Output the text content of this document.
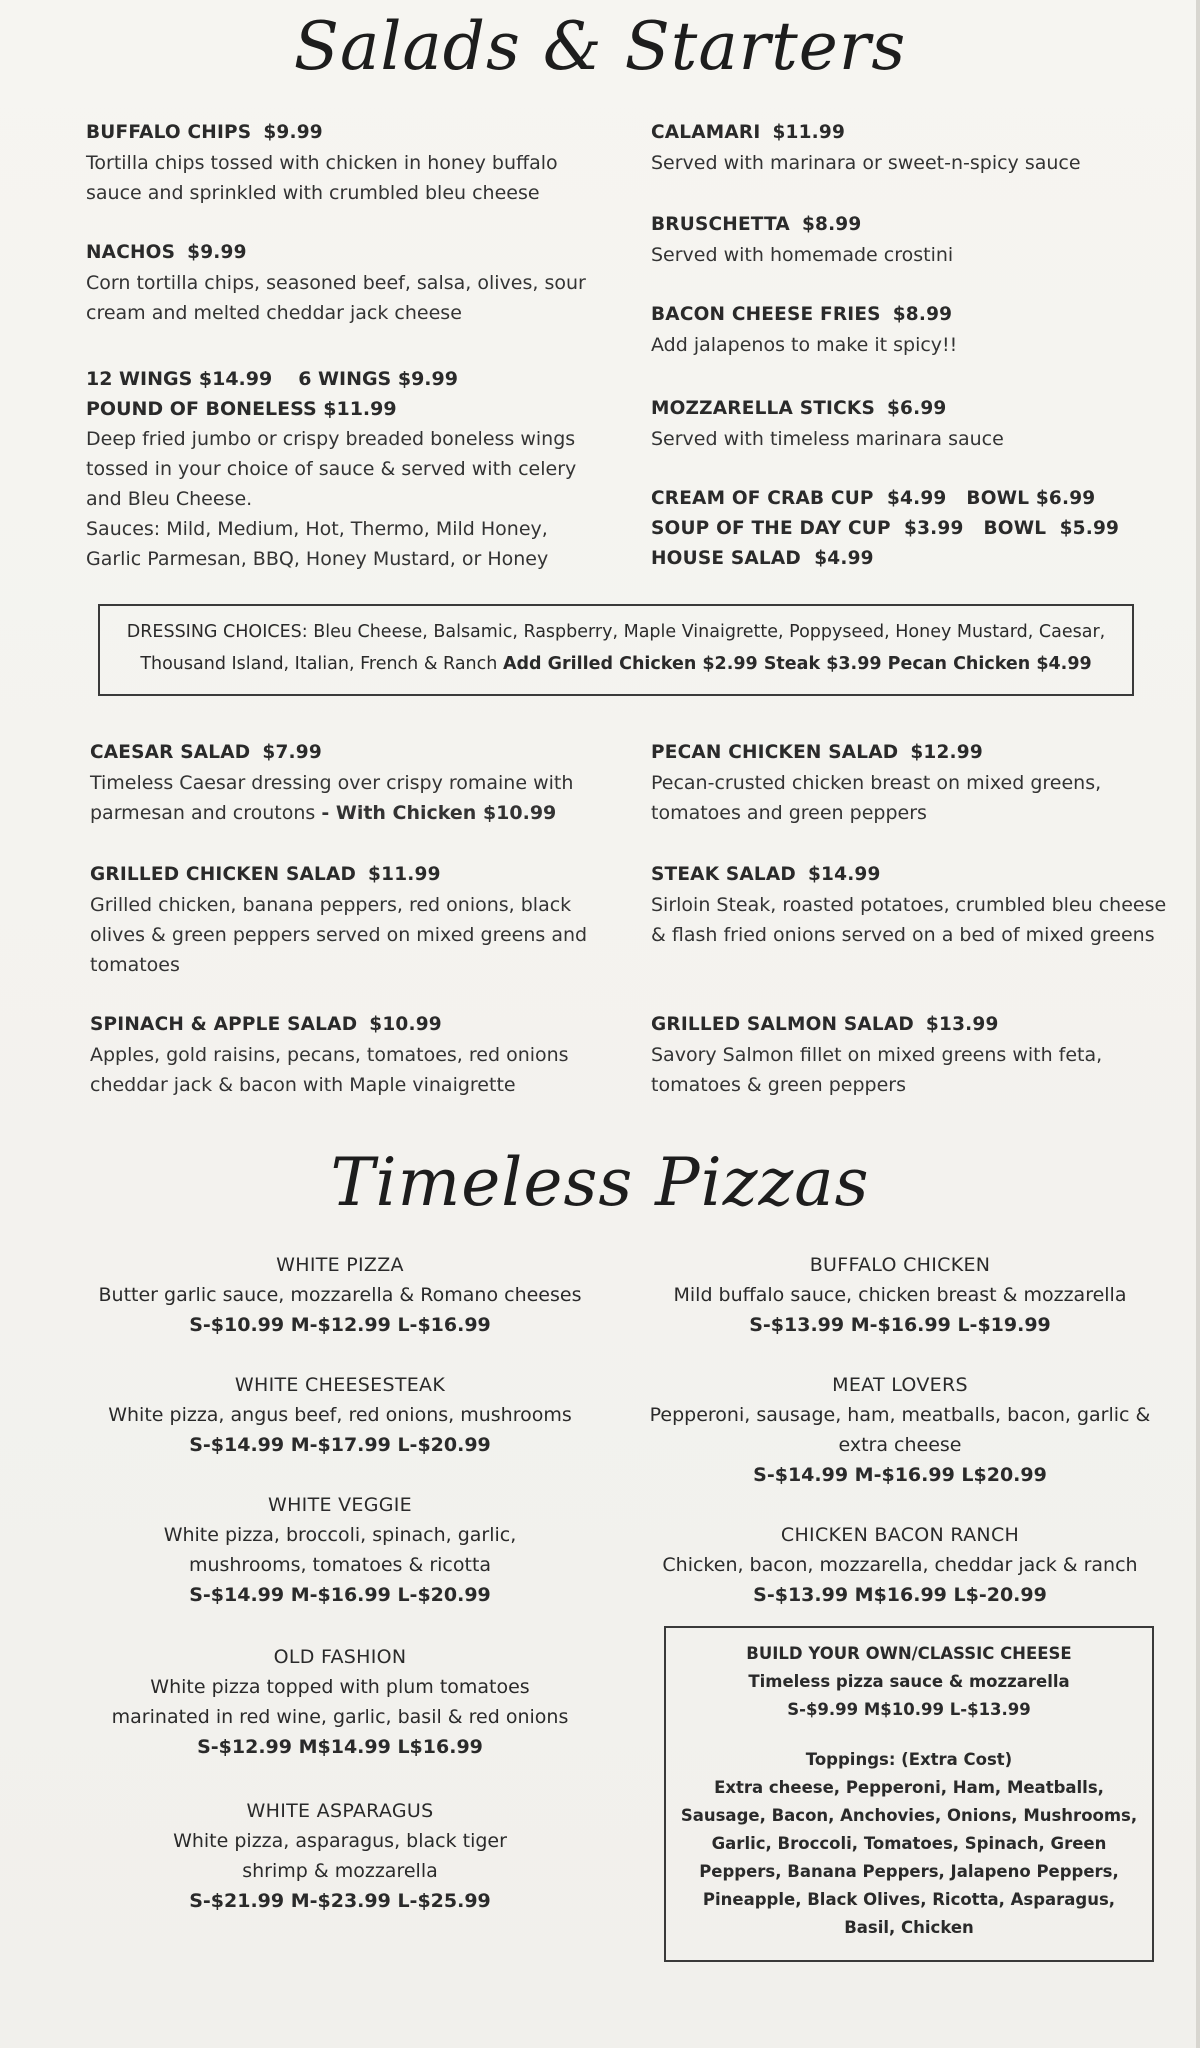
Salads & Starters
BUFFALO CHIPS $9.99
Tortilla chips tossed with chicken in honey buffalo sauce and sprinkled with crumbled bleu cheese
NACHOS $9.99
Corn tortilla chips, seasoned beef, salsa, olives, sour cream and melted cheddar jack cheese
12 WINGS $14.99 6 WINGS $9.99
POUND OF BONELESS $11.99
Deep fried jumbo or crispy breaded boneless wings tossed in your choice of sauce & served with celery and Bleu Cheese.
Sauces: Mild, Medium, Hot, Thermo, Mild Honey, Garlic Parmesan, BBQ, Honey Mustard, or Honey
CALAMARI $11.99
Served with marinara or sweet-n-spicy sauce
BRUSCHETTA $8.99
Served with homemade crostini
BACON CHEESE FRIES $8.99
Add jalapenos to make it spicy!!
MOZZARELLA STICKS $6.99
Served with timeless marinara sauce
CREAM OF CRAB CUP  $4.99   BOWL $6.99
SOUP OF THE DAY CUP  $3.99   BOWL  $5.99
HOUSE SALAD  $4.99
DRESSING CHOICES: Bleu Cheese, Balsamic, Raspberry, Maple Vinaigrette, Poppyseed, Honey Mustard, Caesar,
Thousand Island, Italian, French & Ranch Add Grilled Chicken $2.99 Steak $3.99 Pecan Chicken $4.99
CAESAR SALAD $7.99
Timeless Caesar dressing over crispy romaine with parmesan and croutons - With Chicken $10.99
GRILLED CHICKEN SALAD $11.99
Grilled chicken, banana peppers, red onions, black olives & green peppers served on mixed greens and tomatoes
SPINACH & APPLE SALAD $10.99
Apples, gold raisins, pecans, tomatoes, red onions cheddar jack & bacon with Maple vinaigrette
PECAN CHICKEN SALAD $12.99
Pecan-crusted chicken breast on mixed greens, tomatoes and green peppers
STEAK SALAD $14.99
Sirloin Steak, roasted potatoes, crumbled bleu cheese & flash fried onions served on a bed of mixed greens
GRILLED SALMON SALAD $13.99
Savory Salmon fillet on mixed greens with feta, tomatoes & green peppers
Timeless Pizzas
WHITE PIZZA
Butter garlic sauce, mozzarella & Romano cheeses
S-$10.99 M-$12.99 L-$16.99
WHITE CHEESESTEAK
White pizza, angus beef, red onions, mushrooms
S-$14.99 M-$17.99 L-$20.99
WHITE VEGGIE
White pizza, broccoli, spinach, garlic, mushrooms, tomatoes & ricotta
S-$14.99 M-$16.99 L-$20.99
OLD FASHION
White pizza topped with plum tomatoes marinated in red wine, garlic, basil & red onions
S-$12.99 M$14.99 L$16.99
WHITE ASPARAGUS
White pizza, asparagus, black tiger shrimp & mozzarella
S-$21.99 M-$23.99 L-$25.99
BUFFALO CHICKEN
Mild buffalo sauce, chicken breast & mozzarella
S-$13.99 M-$16.99 L-$19.99
MEAT LOVERS
Pepperoni, sausage, ham, meatballs, bacon, garlic & extra cheese
S-$14.99 M-$16.99 L$20.99
CHICKEN BACON RANCH
Chicken, bacon, mozzarella, cheddar jack & ranch
S-$13.99 M$16.99 L$-20.99
BUILD YOUR OWN/CLASSIC CHEESE
Timeless pizza sauce & mozzarella
S-$9.99 M$10.99 L-$13.99
Toppings: (Extra Cost)
Extra cheese, Pepperoni, Ham, Meatballs, Sausage, Bacon, Anchovies, Onions, Mushrooms, Garlic, Broccoli, Tomatoes, Spinach, Green Peppers, Banana Peppers, Jalapeno Peppers, Pineapple, Black Olives, Ricotta, Asparagus, Basil, Chicken
